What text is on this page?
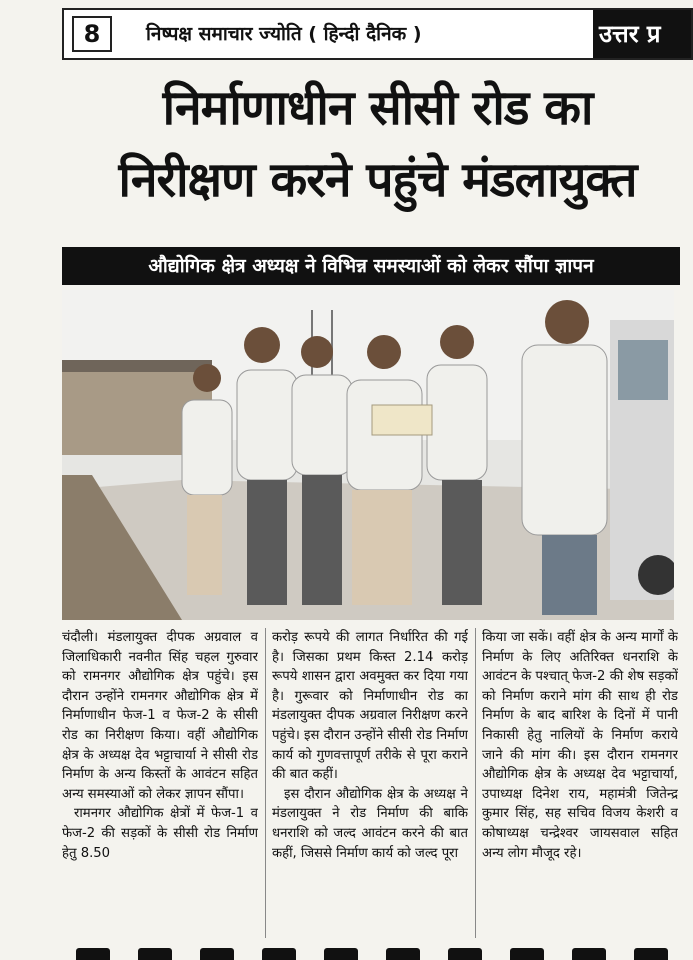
8	निष्पक्ष समाचार ज्योति ( हिन्दी दैनिक )	उत्तर प्र
निर्माणाधीन सीसी रोड का
निरीक्षण करने पहुंचे मंडलायुक्त
औद्योगिक क्षेत्र अध्यक्ष ने विभिन्न समस्याओं को लेकर सौंपा ज्ञापन

चंदौली। मंडलायुक्त दीपक अग्रवाल व जिलाधिकारी नवनीत सिंह चहल गुरुवार को रामनगर औद्योगिक क्षेत्र पहुंचे। इस दौरान उन्होंने रामनगर औद्योगिक क्षेत्र में निर्माणाधीन फेज-1 व फेज-2 के सीसी रोड का निरीक्षण किया। वहीं औद्योगिक क्षेत्र के अध्यक्ष देव भट्टाचार्या ने सीसी रोड निर्माण के अन्य किस्तों के आवंटन सहित अन्य समस्याओं को लेकर ज्ञापन सौंपा।

रामनगर औद्योगिक क्षेत्रों में फेज-1 व फेज-2 की सड़कों के सीसी रोड निर्माण हेतु 8.50

करोड़ रूपये की लागत निर्धारित की गई है। जिसका प्रथम किस्त 2.14 करोड़ रूपये शासन द्वारा अवमुक्त कर दिया गया है। गुरूवार को निर्माणाधीन रोड का मंडलायुक्त दीपक अग्रवाल निरीक्षण करने पहुंचे। इस दौरान उन्होंने सीसी रोड निर्माण कार्य को गुणवत्तापूर्ण तरीके से पूरा कराने की बात कहीं।

इस दौरान औद्योगिक क्षेत्र के अध्यक्ष ने मंडलायुक्त ने रोड निर्माण की बाकि धनराशि को जल्द आवंटन करने की बात कहीं, जिससे निर्माण कार्य को जल्द पूरा

किया जा सकें। वहीं क्षेत्र के अन्य मार्गों के निर्माण के लिए अतिरिक्त धनराशि के आवंटन के पश्चात् फेज-2 की शेष सड़कों को निर्माण कराने मांग की साथ ही रोड निर्माण के बाद बारिश के दिनों में पानी निकासी हेतु नालियों के निर्माण कराये जाने की मांग की। इस दौरान रामनगर औद्योगिक क्षेत्र के अध्यक्ष देव भट्टाचार्या, उपाध्यक्ष दिनेश राय, महामंत्री जितेन्द्र कुमार सिंह, सह सचिव विजय केशरी व कोषाध्यक्ष चन्द्रेश्वर जायसवाल सहित अन्य लोग मौजूद रहे।
